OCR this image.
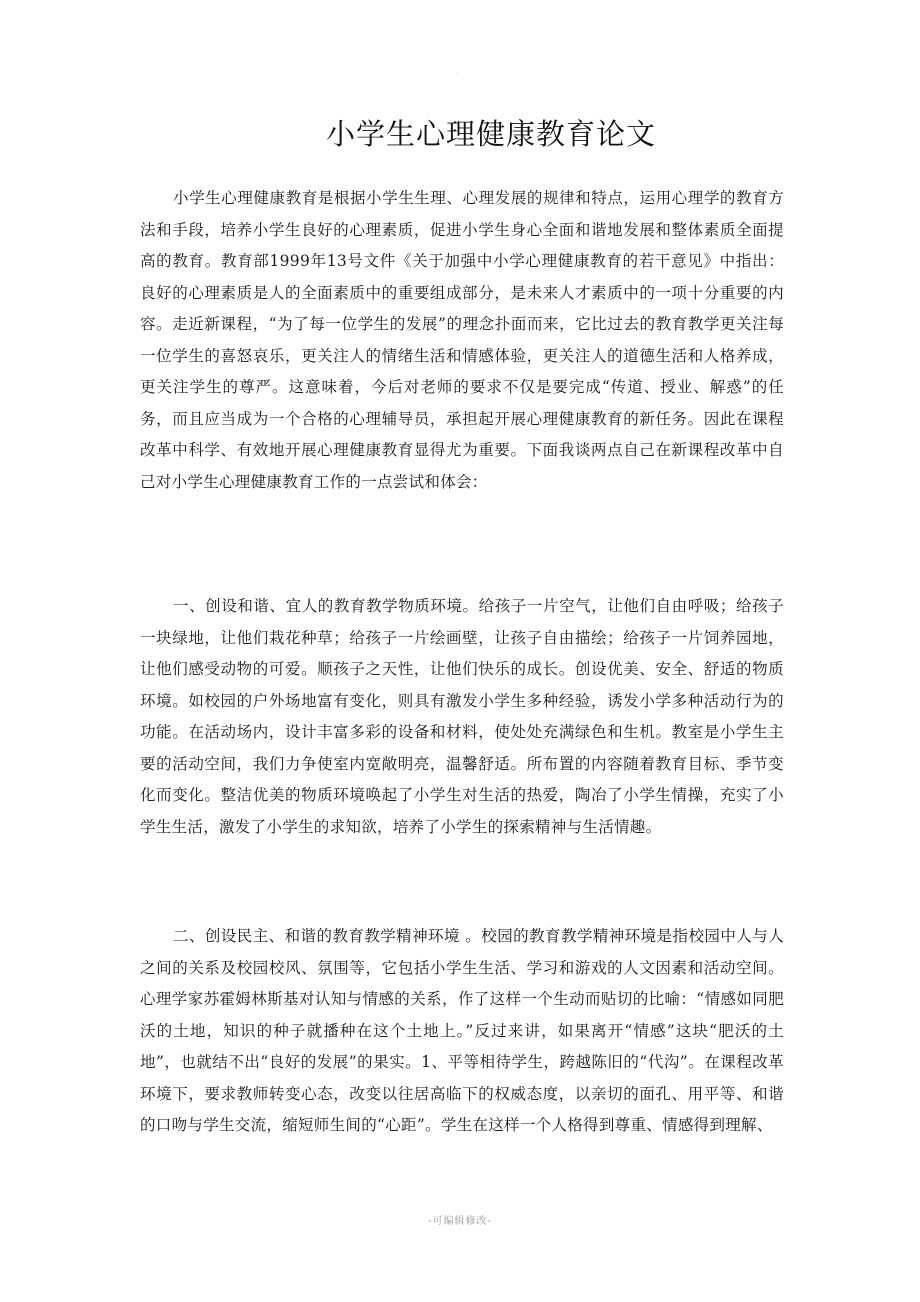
.
小学生心理健康教育论文

小学生心理健康教育是根据小学生生理、心理发展的规律和特点，运用心理学的教育方法和手段，培养小学生良好的心理素质，促进小学生身心全面和谐地发展和整体素质全面提高的教育。教育部1999年13号文件《关于加强中小学心理健康教育的若干意见》中指出：良好的心理素质是人的全面素质中的重要组成部分，是未来人才素质中的一项十分重要的内容。走近新课程，“为了每一位学生的发展”的理念扑面而来，它比过去的教育教学更关注每一位学生的喜怒哀乐，更关注人的情绪生活和情感体验，更关注人的道德生活和人格养成，更关注学生的尊严。这意味着，今后对老师的要求不仅是要完成“传道、授业、解惑”的任务，而且应当成为一个合格的心理辅导员，承担起开展心理健康教育的新任务。因此在课程改革中科学、有效地开展心理健康教育显得尤为重要。下面我谈两点自己在新课程改革中自己对小学生心理健康教育工作的一点尝试和体会：

一、创设和谐、宜人的教育教学物质环境。给孩子一片空气，让他们自由呼吸；给孩子一块绿地，让他们栽花种草；给孩子一片绘画壁，让孩子自由描绘；给孩子一片饲养园地，让他们感受动物的可爱。顺孩子之天性，让他们快乐的成长。创设优美、安全、舒适的物质环境。如校园的户外场地富有变化，则具有激发小学生多种经验，诱发小学多种活动行为的功能。在活动场内，设计丰富多彩的设备和材料，使处处充满绿色和生机。教室是小学生主要的活动空间，我们力争使室内宽敞明亮，温馨舒适。所布置的内容随着教育目标、季节变化而变化。整洁优美的物质环境唤起了小学生对生活的热爱，陶冶了小学生情操，充实了小学生生活，激发了小学生的求知欲，培养了小学生的探索精神与生活情趣。

二、创设民主、和谐的教育教学精神环境 。校园的教育教学精神环境是指校园中人与人之间的关系及校园校风、氛围等，它包括小学生生活、学习和游戏的人文因素和活动空间。心理学家苏霍姆林斯基对认知与情感的关系，作了这样一个生动而贴切的比喻：“情感如同肥沃的土地，知识的种子就播种在这个土地上。”反过来讲，如果离开“情感”这块“肥沃的土地”，也就结不出“良好的发展”的果实。1、平等相待学生，跨越陈旧的“代沟”。在课程改革环境下，要求教师转变心态，改变以往居高临下的权威态度，以亲切的面孔、用平等、和谐的口吻与学生交流，缩短师生间的“心距”。学生在这样一个人格得到尊重、情感得到理解、

-可编辑修改-
